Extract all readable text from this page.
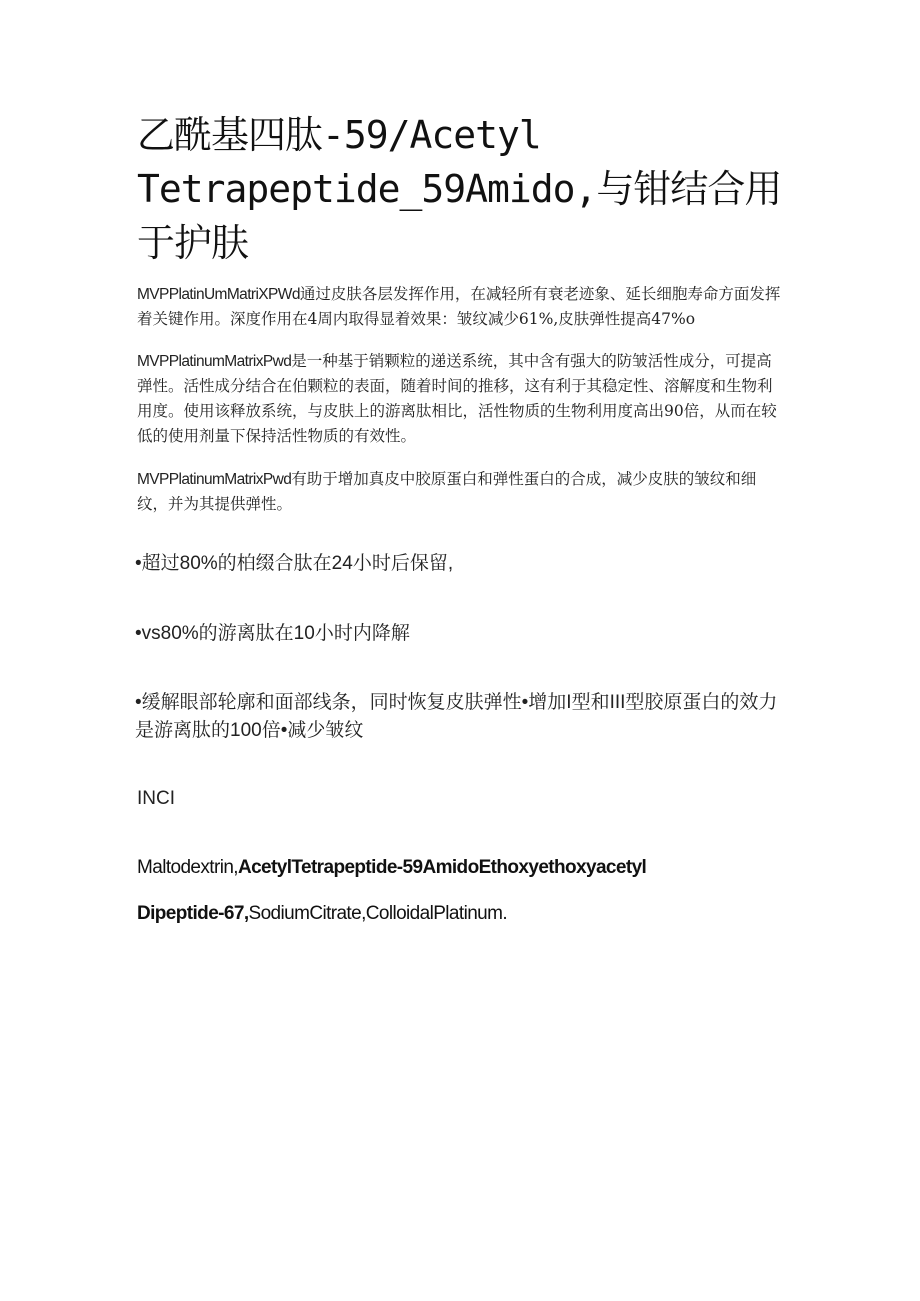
乙酰基四肽-59/Acetyl Tetrapeptide_59Amido,与钳结合用于护肤

MVPPlatinUmMatriXPWd通过皮肤各层发挥作用，在减轻所有衰老迹象、延长细胞寿命方面发挥着关键作用。深度作用在4周内取得显着效果：皱纹减少61%,皮肤弹性提高47%o

MVPPlatinumMatrixPwd是一种基于销颗粒的递送系统，其中含有强大的防皱活性成分，可提高弹性。活性成分结合在伯颗粒的表面，随着时间的推移，这有利于其稳定性、溶解度和生物利用度。使用该释放系统，与皮肤上的游离肽相比，活性物质的生物利用度高出90倍，从而在较低的使用剂量下保持活性物质的有效性。

MVPPlatinumMatrixPwd有助于增加真皮中胶原蛋白和弹性蛋白的合成，减少皮肤的皱纹和细纹，并为其提供弹性。

•超过80%的柏缀合肽在24小时后保留,

•vs80%的游离肽在10小时内降解

•缓解眼部轮廓和面部线条，同时恢复皮肤弹性•增加I型和III型胶原蛋白的效力是游离肽的100倍•减少皱纹

INCI

Maltodextrin,AcetylTetrapeptide-59AmidoEthoxyethoxyacetyl

Dipeptide-67,SodiumCitrate,ColloidalPlatinum.
